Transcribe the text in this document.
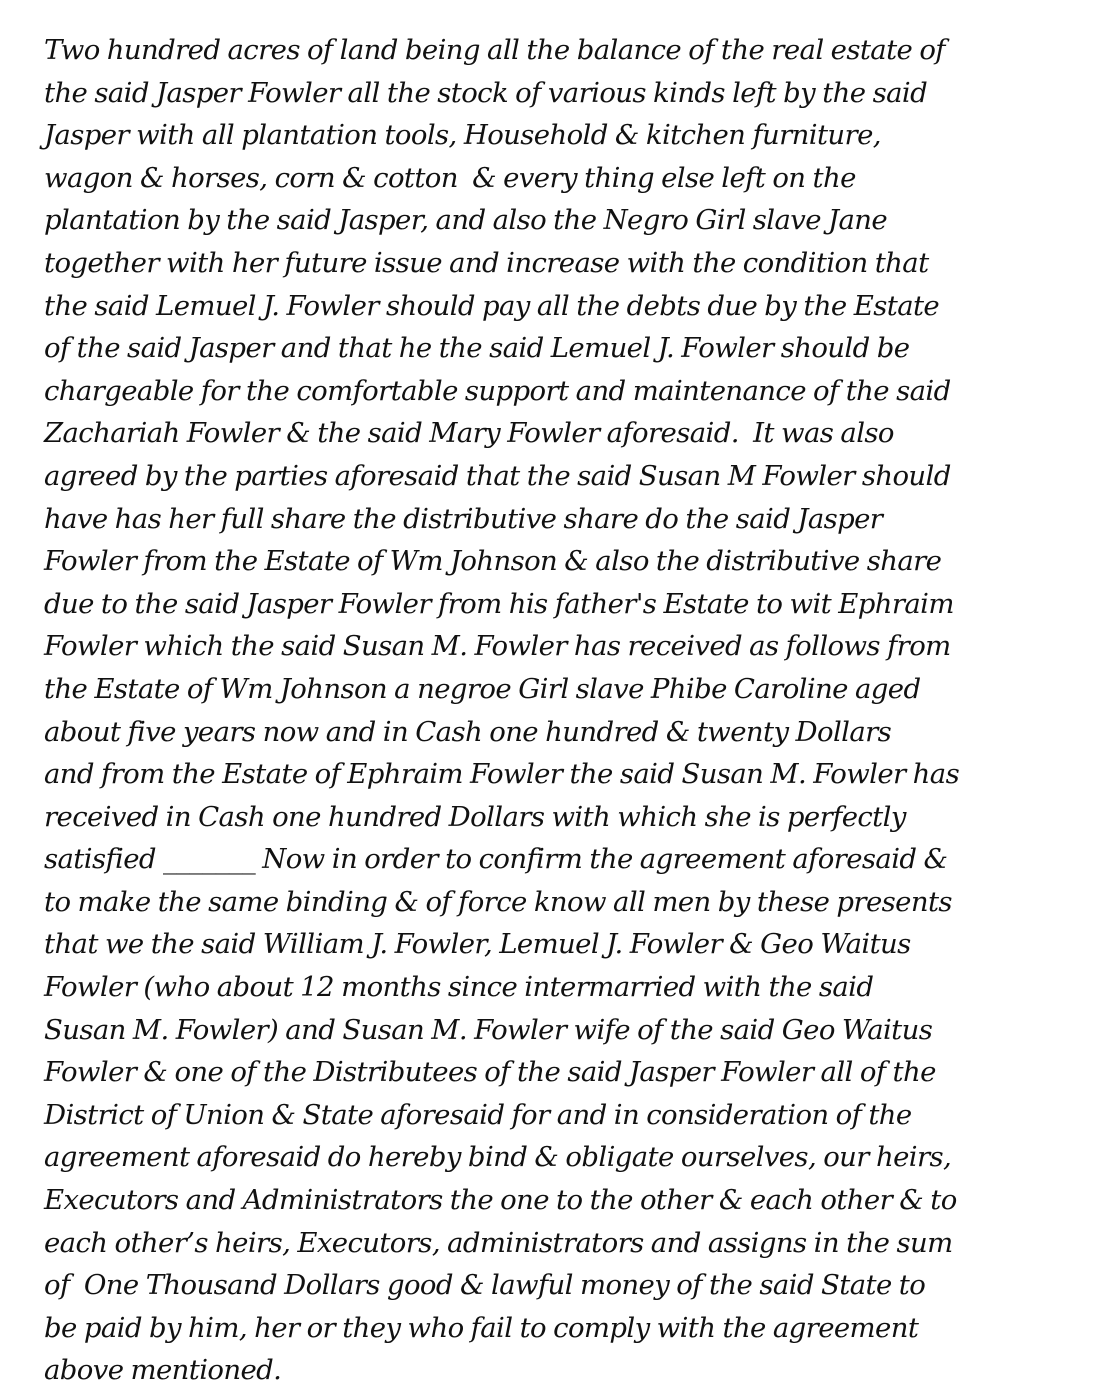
Two hundred acres of land being all the balance of the real estate of
the said Jasper Fowler all the stock of various kinds left by the said
Jasper with all plantation tools, Household & kitchen furniture,
wagon & horses, corn & cotton  & every thing else left on the
plantation by the said Jasper, and also the Negro Girl slave Jane
together with her future issue and increase with the condition that
the said Lemuel J. Fowler should pay all the debts due by the Estate
of the said Jasper and that he the said Lemuel J. Fowler should be
chargeable for the comfortable support and maintenance of the said
Zachariah Fowler & the said Mary Fowler aforesaid.  It was also
agreed by the parties aforesaid that the said Susan M Fowler should
have has her full share the distributive share do the said Jasper
Fowler from the Estate of Wm Johnson & also the distributive share
due to the said Jasper Fowler from his father's Estate to wit Ephraim
Fowler which the said Susan M. Fowler has received as follows from
the Estate of Wm Johnson a negroe Girl slave Phibe Caroline aged
about five years now and in Cash one hundred & twenty Dollars
and from the Estate of Ephraim Fowler the said Susan M. Fowler has
received in Cash one hundred Dollars with which she is perfectly
satisfied _______ Now in order to confirm the agreement aforesaid &
to make the same binding & of force know all men by these presents
that we the said William J. Fowler, Lemuel J. Fowler & Geo Waitus
Fowler (who about 12 months since intermarried with the said
Susan M. Fowler) and Susan M. Fowler wife of the said Geo Waitus
Fowler & one of the Distributees of the said Jasper Fowler all of the
District of Union & State aforesaid for and in consideration of the
agreement aforesaid do hereby bind & obligate ourselves, our heirs,
Executors and Administrators the one to the other & each other & to
each other’s heirs, Executors, administrators and assigns in the sum
of  One Thousand Dollars good & lawful money of the said State to
be paid by him, her or they who fail to comply with the agreement
above mentioned.
